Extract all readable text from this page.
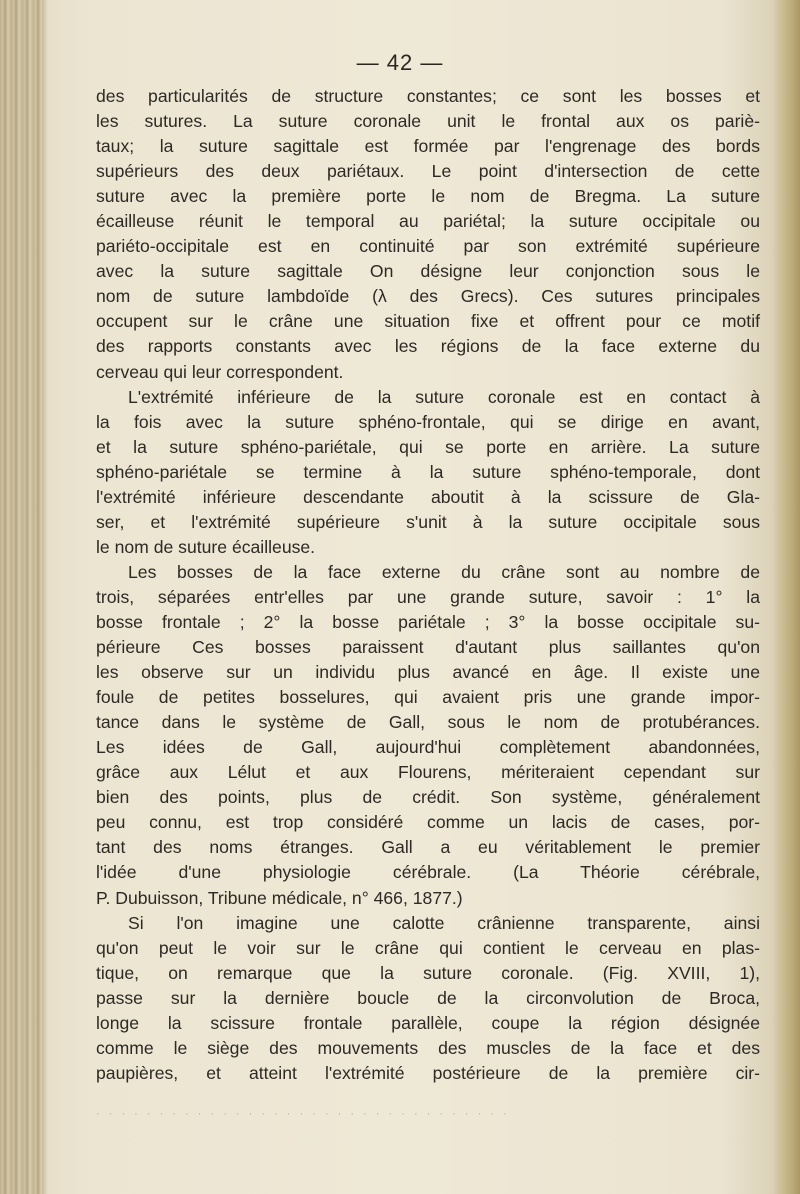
— 42 —
des particularités de structure constantes; ce sont les bosses et
les sutures. La suture coronale unit le frontal aux os pariè-
taux; la suture sagittale est formée par l'engrenage des bords
supérieurs des deux pariétaux. Le point d'intersection de cette
suture avec la première porte le nom de Bregma. La suture
écailleuse réunit le temporal au pariétal; la suture occipitale ou
pariéto-occipitale est en continuité par son extrémité supérieure
avec la suture sagittale On désigne leur conjonction sous le
nom de suture lambdoïde (λ des Grecs). Ces sutures principales
occupent sur le crâne une situation fixe et offrent pour ce motif
des rapports constants avec les régions de la face externe du
cerveau qui leur correspondent.
L'extrémité inférieure de la suture coronale est en contact à
la fois avec la suture sphéno-frontale, qui se dirige en avant,
et la suture sphéno-pariétale, qui se porte en arrière. La suture
sphéno-pariétale se termine à la suture sphéno-temporale, dont
l'extrémité inférieure descendante aboutit à la scissure de Gla-
ser, et l'extrémité supérieure s'unit à la suture occipitale sous
le nom de suture écailleuse.
Les bosses de la face externe du crâne sont au nombre de
trois, séparées entr'elles par une grande suture, savoir : 1° la
bosse frontale ; 2° la bosse pariétale ; 3° la bosse occipitale su-
périeure Ces bosses paraissent d'autant plus saillantes qu'on
les observe sur un individu plus avancé en âge. Il existe une
foule de petites bosselures, qui avaient pris une grande impor-
tance dans le système de Gall, sous le nom de protubérances.
Les idées de Gall, aujourd'hui complètement abandonnées,
grâce aux Lélut et aux Flourens, mériteraient cependant sur
bien des points, plus de crédit. Son système, généralement
peu connu, est trop considéré comme un lacis de cases, por-
tant des noms étranges. Gall a eu véritablement le premier
l'idée d'une physiologie cérébrale. (La Théorie cérébrale,
P. Dubuisson, Tribune médicale, n° 466, 1877.)
Si l'on imagine une calotte crânienne transparente, ainsi
qu'on peut le voir sur le crâne qui contient le cerveau en plas-
tique, on remarque que la suture coronale. (Fig. XVIII, 1),
passe sur la dernière boucle de la circonvolution de Broca,
longe la scissure frontale parallèle, coupe la région désignée
comme le siège des mouvements des muscles de la face et des
paupières, et atteint l'extrémité postérieure de la première cir-
· · · · · · · · · · · · · · · · · · · · · · · · · · · · · · · · ·
